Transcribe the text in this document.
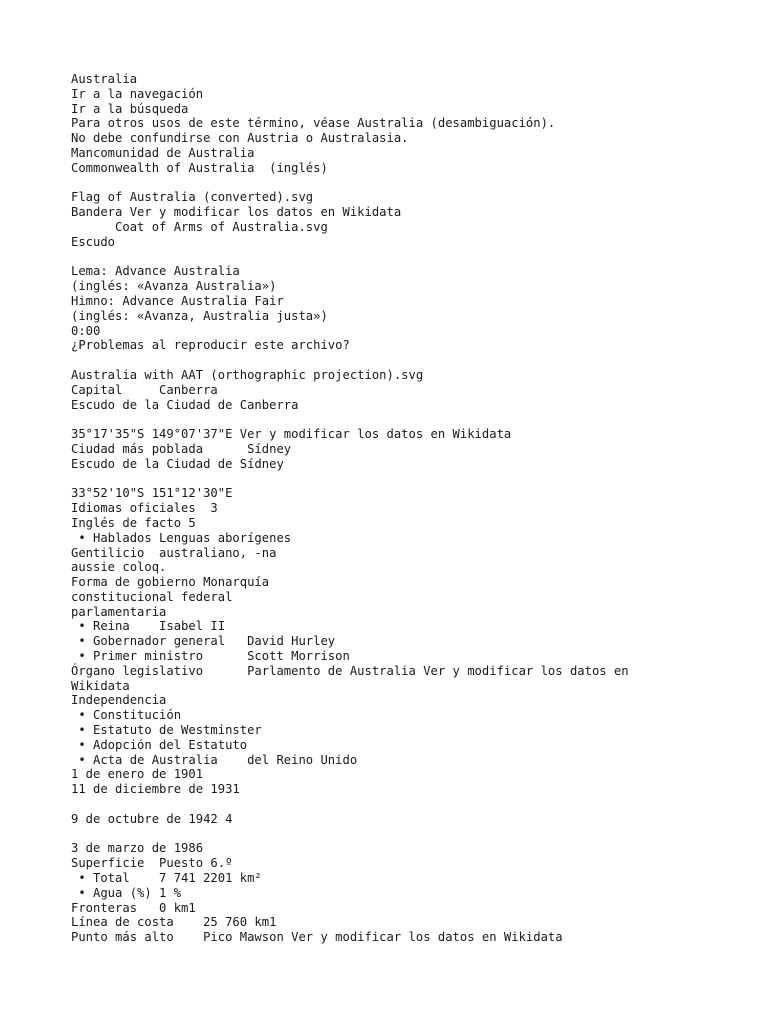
Australia
Ir a la navegación
Ir a la búsqueda
Para otros usos de este término, véase Australia (desambiguación).
No debe confundirse con Austria o Australasia.
Mancomunidad de Australia
Commonwealth of Australia  (inglés)
Flag of Australia (converted).svg
Bandera Ver y modificar los datos en Wikidata
Coat of Arms of Australia.svg
Escudo
Lema: Advance Australia
(inglés: «Avanza Australia»)
Himno: Advance Australia Fair
(inglés: «Avanza, Australia justa»)
0:00
¿Problemas al reproducir este archivo?
Australia with AAT (orthographic projection).svg
Capital     Canberra
Escudo de la Ciudad de Canberra
35°17'35"S 149°07'37"E Ver y modificar los datos en Wikidata
Ciudad más poblada      Sídney
Escudo de la Ciudad de Sídney
33°52'10"S 151°12'30"E
Idiomas oficiales  3
Inglés de facto 5
• Hablados Lenguas aborígenes
Gentilicio  australiano, -na
aussie coloq.
Forma de gobierno Monarquía
constitucional federal
parlamentaria
• Reina    Isabel II
• Gobernador general   David Hurley
• Primer ministro      Scott Morrison
Órgano legislativo      Parlamento de Australia Ver y modificar los datos en
Wikidata
Independencia
• Constitución
• Estatuto de Westminster
• Adopción del Estatuto
• Acta de Australia    del Reino Unido
1 de enero de 1901
11 de diciembre de 1931
9 de octubre de 1942 4
3 de marzo de 1986
Superficie  Puesto 6.º
• Total    7 741 2201 km²
• Agua (%) 1 %
Fronteras   0 km1
Línea de costa    25 760 km1
Punto más alto    Pico Mawson Ver y modificar los datos en Wikidata
